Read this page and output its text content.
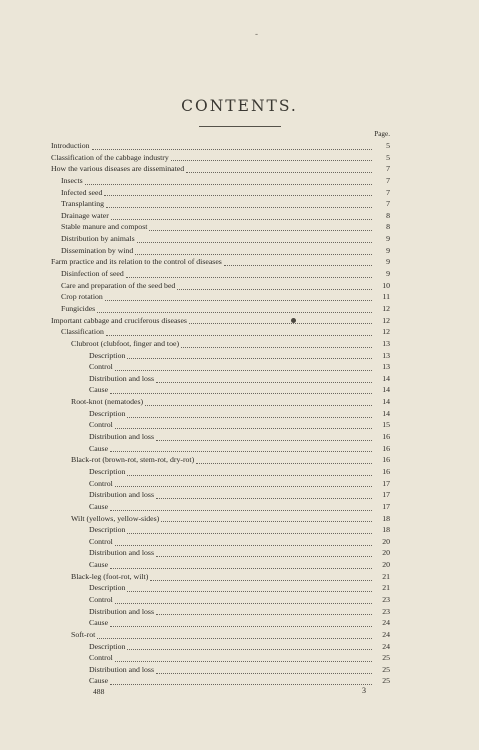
-
CONTENTS.
Page.
Introduction	5
Classification of the cabbage industry	5
How the various diseases are disseminated	7
Insects	7
Infected seed	7
Transplanting	7
Drainage water	8
Stable manure and compost	8
Distribution by animals	9
Dissemination by wind	9
Farm practice and its relation to the control of diseases	9
Disinfection of seed	9
Care and preparation of the seed bed	10
Crop rotation	11
Fungicides	12
Important cabbage and cruciferous diseases	12
Classification	12
Clubroot (clubfoot, finger and toe)	13
Description	13
Control	13
Distribution and loss	14
Cause	14
Root-knot (nematodes)	14
Description	14
Control	15
Distribution and loss	16
Cause	16
Black-rot (brown-rot, stem-rot, dry-rot)	16
Description	16
Control	17
Distribution and loss	17
Cause	17
Wilt (yellows, yellow-sides)	18
Description	18
Control	20
Distribution and loss	20
Cause	20
Black-leg (foot-rot, wilt)	21
Description	21
Control	23
Distribution and loss	23
Cause	24
Soft-rot	24
Description	24
Control	25
Distribution and loss	25
Cause	25
488	3
